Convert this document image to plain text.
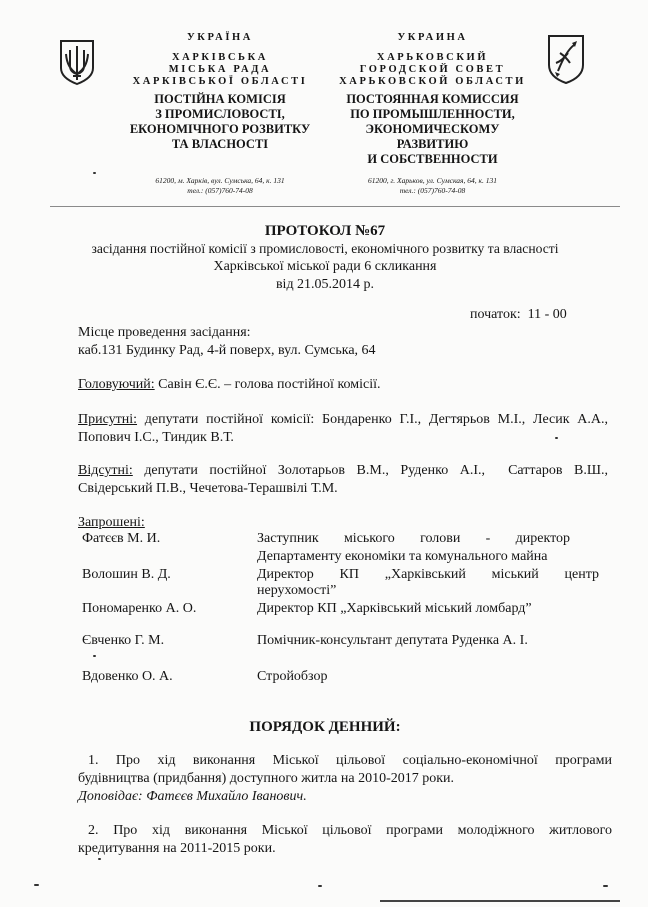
УКРАЇНА
ХАРКІВСЬКА
МІСЬКА РАДА
ХАРКІВСЬКОЇ ОБЛАСТІ
ПОСТІЙНА КОМІСІЯ
З ПРОМИСЛОВОСТІ,
ЕКОНОМІЧНОГО РОЗВИТКУ
ТА ВЛАСНОСТІ
61200, м. Харків, вул. Сумська, 64, к. 131
тел.: (057)760-74-08
УКРАИНА
ХАРЬКОВСКИЙ
ГОРОДСКОЙ СОВЕТ
ХАРЬКОВСКОЙ ОБЛАСТИ
ПОСТОЯННАЯ КОМИССИЯ
ПО ПРОМЫШЛЕННОСТИ,
ЭКОНОМИЧЕСКОМУ
РАЗВИТИЮ
И СОБСТВЕННОСТИ
61200, г. Харьков, ул. Сумская, 64, к. 131
тел.: (057)760-74-08
ПРОТОКОЛ №67
засідання постійної комісії з промисловості, економічного розвитку та власності
Харківської міської ради 6 скликання
від 21.05.2014 р.
початок:  11 - 00
Місце проведення засідання:
каб.131 Будинку Рад, 4-й поверх, вул. Сумська, 64
Головуючий: Савін Є.Є. – голова постійної комісії.
Присутні: депутати постійної комісії: Бондаренко Г.І., Дегтярьов М.І., Лесик А.А.,
Попович І.С., Тиндик В.Т.
Відсутні: депутати постійної Золотарьов В.М., Руденко А.І.,  Саттаров В.Ш.,
Свідерський П.В., Чечетова-Терашвілі Т.М.
Запрошені:
Фатєєв М. И.	Заступник міського голови - директор
Департаменту економіки та комунального майна
Волошин В. Д.	Директор КП „Харківський міський центр
нерухомості”
Пономаренко А. О.	Директор КП „Харківський міський ломбард”
Євченко Г. М.	Помічник-консультант депутата Руденка А. І.
Вдовенко О. А.	Стройобзор
ПОРЯДОК ДЕННИЙ:
1. Про хід виконання Міської цільової соціально-економічної програми
будівництва (придбання) доступного житла на 2010-2017 роки.
Доповідає: Фатєєв Михайло Іванович.
2. Про хід виконання Міської цільової програми молодіжного житлового
кредитування на 2011-2015 роки.
